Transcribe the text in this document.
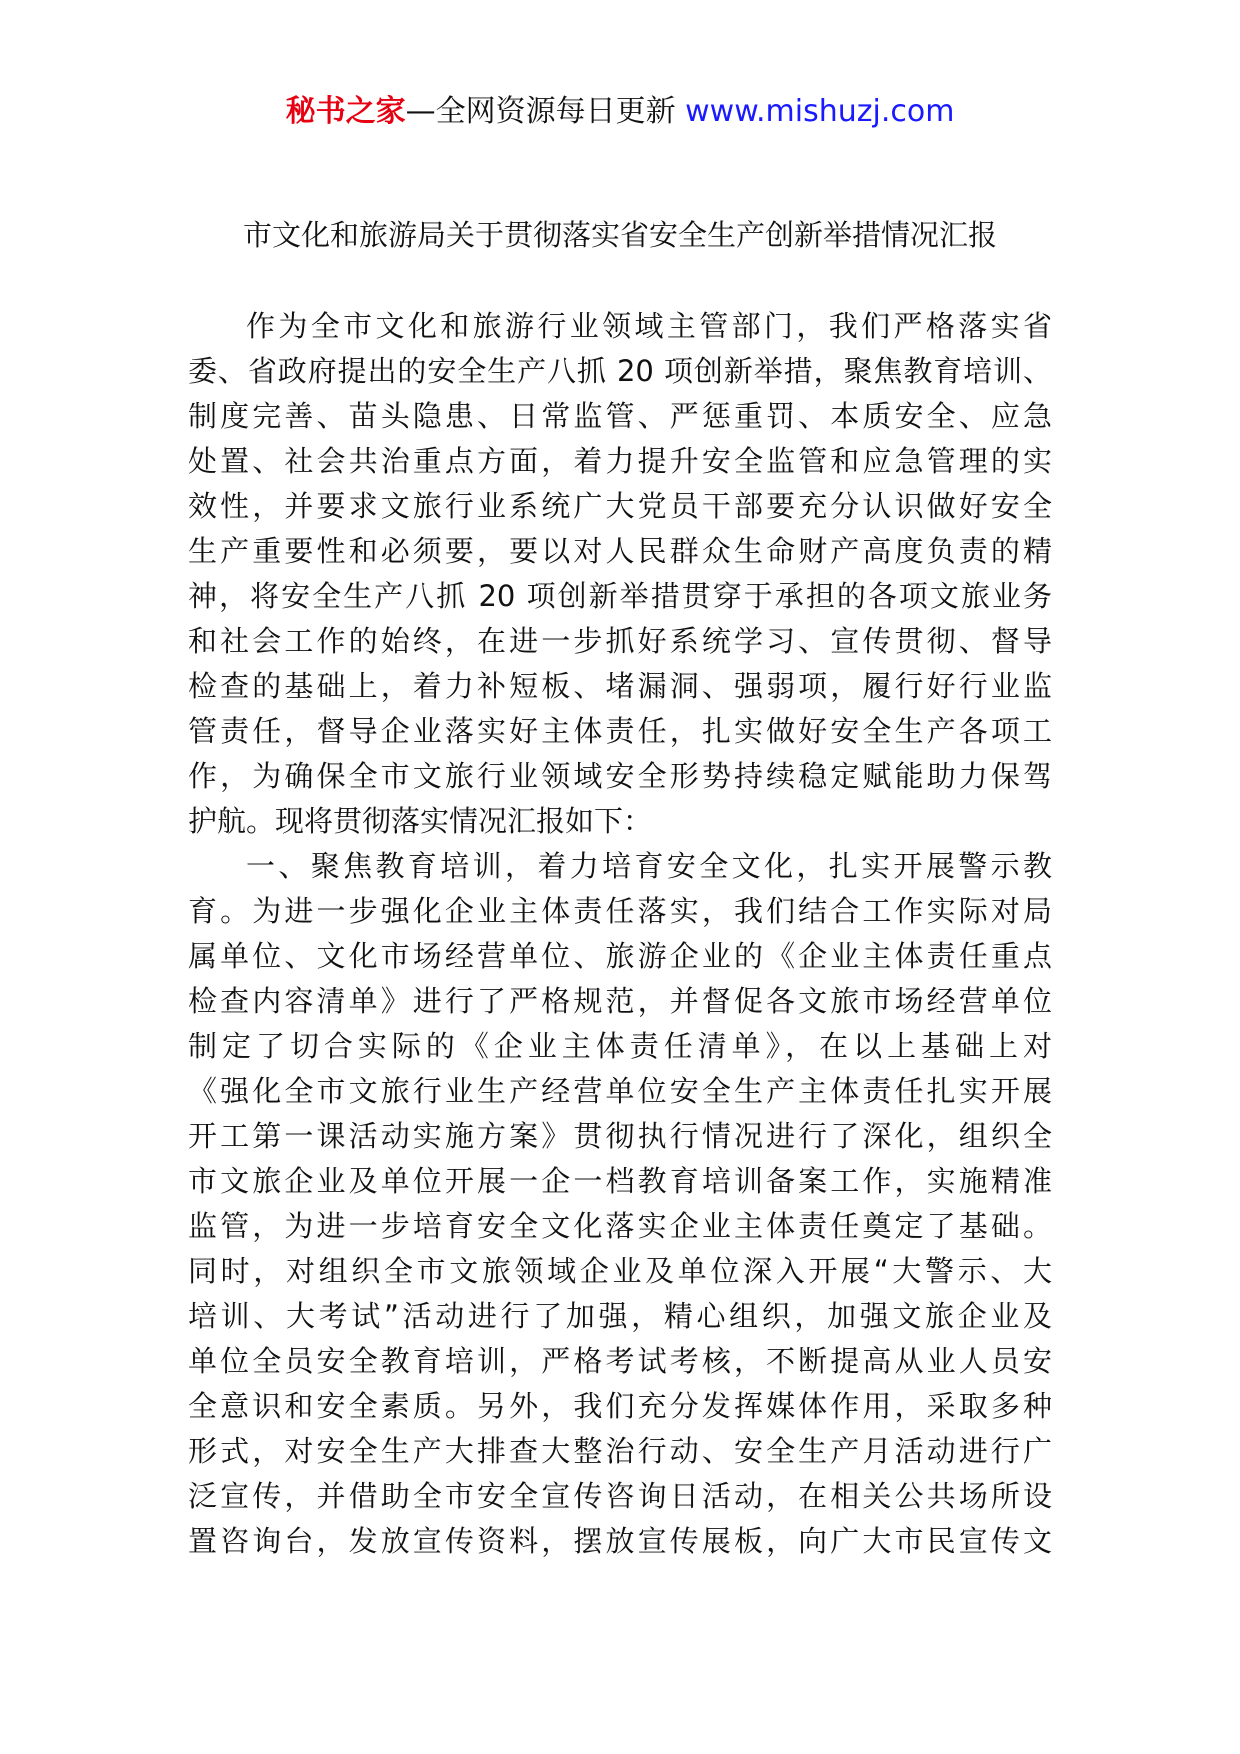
秘书之家—全网资源每日更新 www.mishuzj.com
市文化和旅游局关于贯彻落实省安全生产创新举措情况汇报

作为全市文化和旅游行业领域主管部门，我们严格落实省
委、省政府提出的安全生产八抓 20 项创新举措，聚焦教育培训、
制度完善、苗头隐患、日常监管、严惩重罚、本质安全、应急
处置、社会共治重点方面，着力提升安全监管和应急管理的实
效性，并要求文旅行业系统广大党员干部要充分认识做好安全
生产重要性和必须要，要以对人民群众生命财产高度负责的精
神，将安全生产八抓 20 项创新举措贯穿于承担的各项文旅业务
和社会工作的始终，在进一步抓好系统学习、宣传贯彻、督导
检查的基础上，着力补短板、堵漏洞、强弱项，履行好行业监
管责任，督导企业落实好主体责任，扎实做好安全生产各项工
作，为确保全市文旅行业领域安全形势持续稳定赋能助力保驾
护航。现将贯彻落实情况汇报如下：

一、聚焦教育培训，着力培育安全文化，扎实开展警示教
育。为进一步强化企业主体责任落实，我们结合工作实际对局
属单位、文化市场经营单位、旅游企业的《企业主体责任重点
检查内容清单》进行了严格规范，并督促各文旅市场经营单位
制定了切合实际的《企业主体责任清单》，在以上基础上对
《强化全市文旅行业生产经营单位安全生产主体责任扎实开展
开工第一课活动实施方案》贯彻执行情况进行了深化，组织全
市文旅企业及单位开展一企一档教育培训备案工作，实施精准
监管，为进一步培育安全文化落实企业主体责任奠定了基础。
同时，对组织全市文旅领域企业及单位深入开展“大警示、大
培训、大考试”活动进行了加强，精心组织，加强文旅企业及
单位全员安全教育培训，严格考试考核，不断提高从业人员安
全意识和安全素质。另外，我们充分发挥媒体作用，采取多种
形式，对安全生产大排查大整治行动、安全生产月活动进行广
泛宣传，并借助全市安全宣传咨询日活动，在相关公共场所设
置咨询台，发放宣传资料，摆放宣传展板，向广大市民宣传文
